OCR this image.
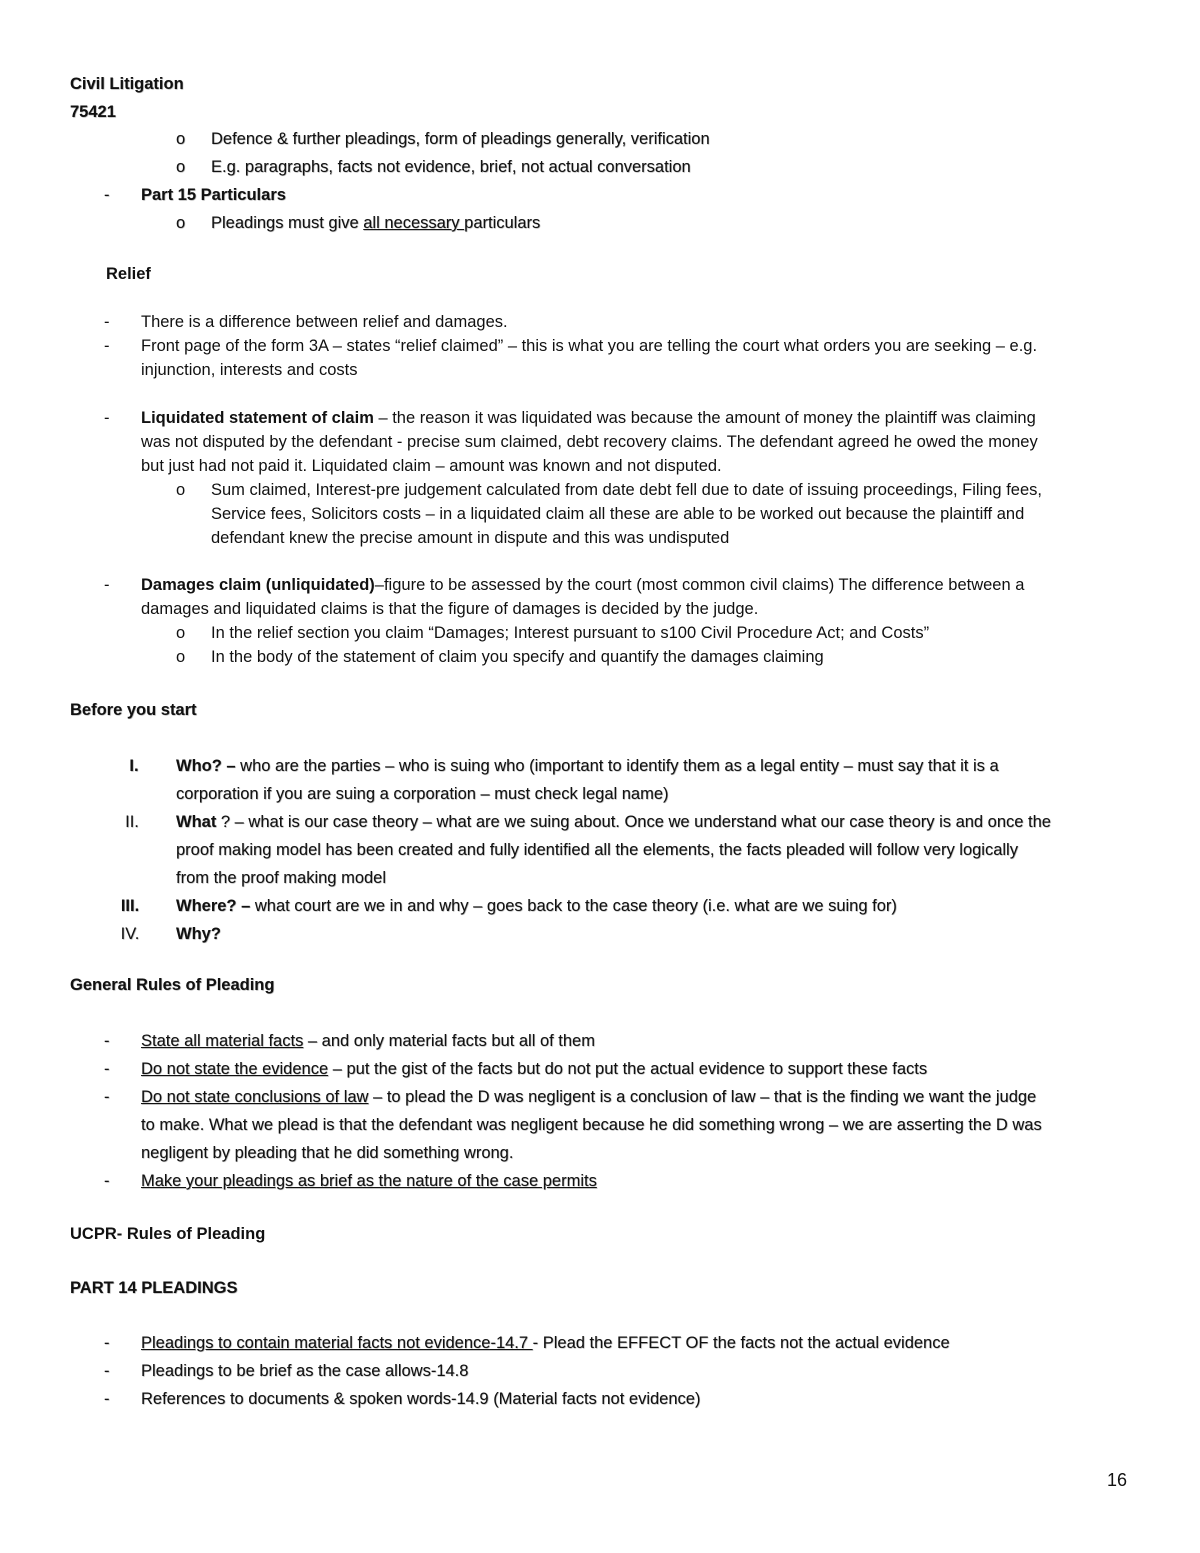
Civil Litigation
75421
o Defence & further pleadings, form of pleadings generally, verification
o E.g. paragraphs, facts not evidence, brief, not actual conversation
-	Part 15 Particulars
o Pleadings must give all necessary particulars
Relief
-	There is a difference between relief and damages.
-	Front page of the form 3A – states “relief claimed” – this is what you are telling the court what orders you are seeking – e.g.
injunction, interests and costs
-	Liquidated statement of claim – the reason it was liquidated was because the amount of money the plaintiff was claiming
was not disputed by the defendant - precise sum claimed, debt recovery claims. The defendant agreed he owed the money
but just had not paid it. Liquidated claim – amount was known and not disputed.
o Sum claimed, Interest-pre judgement calculated from date debt fell due to date of issuing proceedings, Filing fees,
Service fees, Solicitors costs – in a liquidated claim all these are able to be worked out because the plaintiff and
defendant knew the precise amount in dispute and this was undisputed
-	Damages claim (unliquidated)–figure to be assessed by the court (most common civil claims) The difference between a
damages and liquidated claims is that the figure of damages is decided by the judge.
o In the relief section you claim “Damages; Interest pursuant to s100 Civil Procedure Act; and Costs”
o In the body of the statement of claim you specify and quantify the damages claiming
Before you start
I.	Who? – who are the parties – who is suing who (important to identify them as a legal entity – must say that it is a
corporation if you are suing a corporation – must check legal name)
II.	What ? – what is our case theory – what are we suing about. Once we understand what our case theory is and once the
proof making model has been created and fully identified all the elements, the facts pleaded will follow very logically
from the proof making model
III.	Where? – what court are we in and why – goes back to the case theory (i.e. what are we suing for)
IV.	Why?
General Rules of Pleading
-	State all material facts – and only material facts but all of them
-	Do not state the evidence – put the gist of the facts but do not put the actual evidence to support these facts
-	Do not state conclusions of law – to plead the D was negligent is a conclusion of law – that is the finding we want the judge
to make. What we plead is that the defendant was negligent because he did something wrong – we are asserting the D was
negligent by pleading that he did something wrong.
-	Make your pleadings as brief as the nature of the case permits
UCPR- Rules of Pleading
PART 14 PLEADINGS
-	Pleadings to contain material facts not evidence-14.7 - Plead the EFFECT OF the facts not the actual evidence
-	Pleadings to be brief as the case allows-14.8
-	References to documents & spoken words-14.9 (Material facts not evidence)
16
